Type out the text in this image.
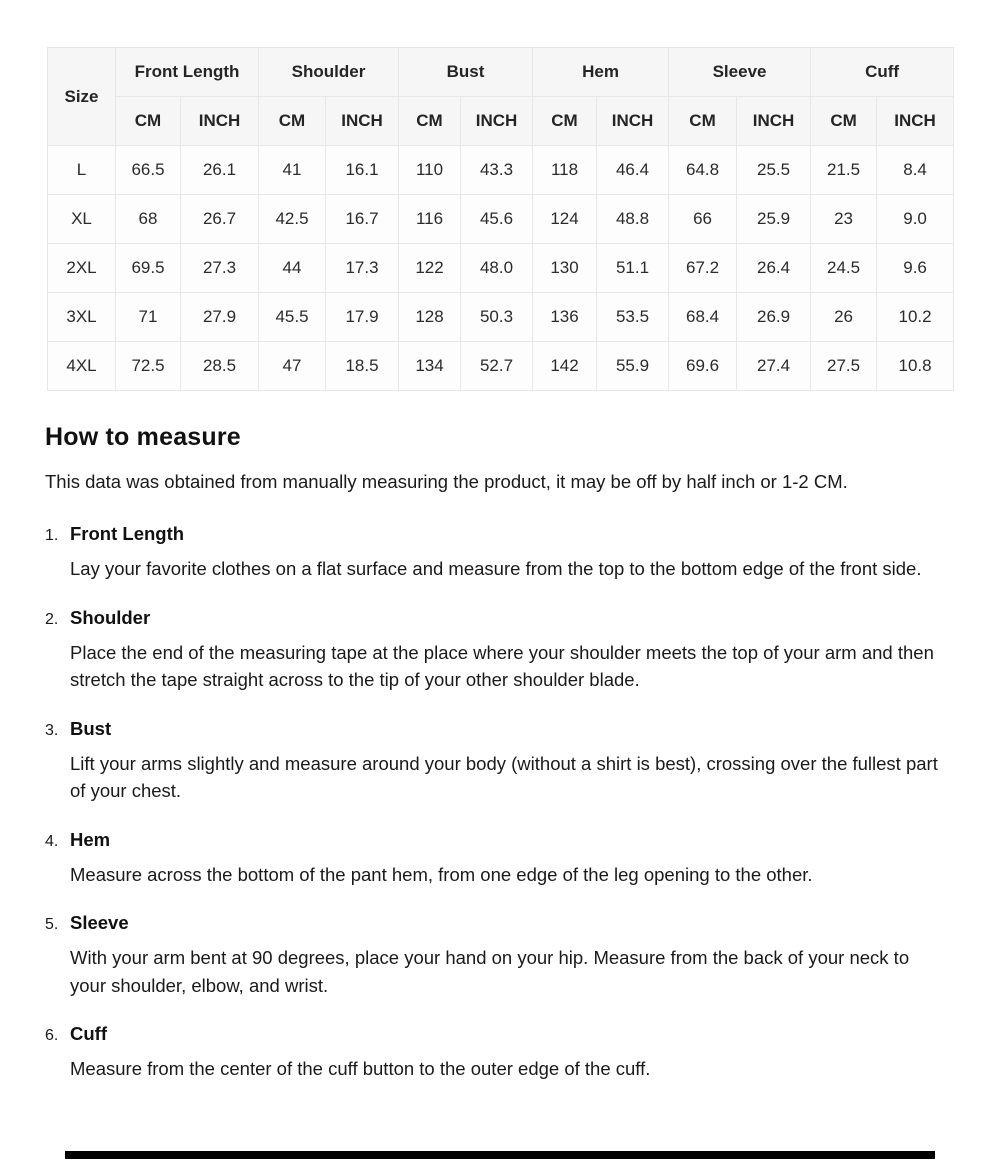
Size	Front Length		Shoulder		Bust		Hem		Sleeve		Cuff	
	CM	INCH	CM	INCH	CM	INCH	CM	INCH	CM	INCH	CM	INCH
L	66.5	26.1	41	16.1	110	43.3	118	46.4	64.8	25.5	21.5	8.4
XL	68	26.7	42.5	16.7	116	45.6	124	48.8	66	25.9	23	9.0
2XL	69.5	27.3	44	17.3	122	48.0	130	51.1	67.2	26.4	24.5	9.6
3XL	71	27.9	45.5	17.9	128	50.3	136	53.5	68.4	26.9	26	10.2
4XL	72.5	28.5	47	18.5	134	52.7	142	55.9	69.6	27.4	27.5	10.8
How to measure

This data was obtained from manually measuring the product, it may be off by half inch or 1-2 CM.

1. Front Length
Lay your favorite clothes on a flat surface and measure from the top to the bottom edge of the front side.
2. Shoulder
Place the end of the measuring tape at the place where your shoulder meets the top of your arm and then stretch the tape straight across to the tip of your other shoulder blade.
3. Bust
Lift your arms slightly and measure around your body (without a shirt is best), crossing over the fullest part of your chest.
4. Hem
Measure across the bottom of the pant hem, from one edge of the leg opening to the other.
5. Sleeve
With your arm bent at 90 degrees, place your hand on your hip. Measure from the back of your neck to your shoulder, elbow, and wrist.
6. Cuff
Measure from the center of the cuff button to the outer edge of the cuff.
